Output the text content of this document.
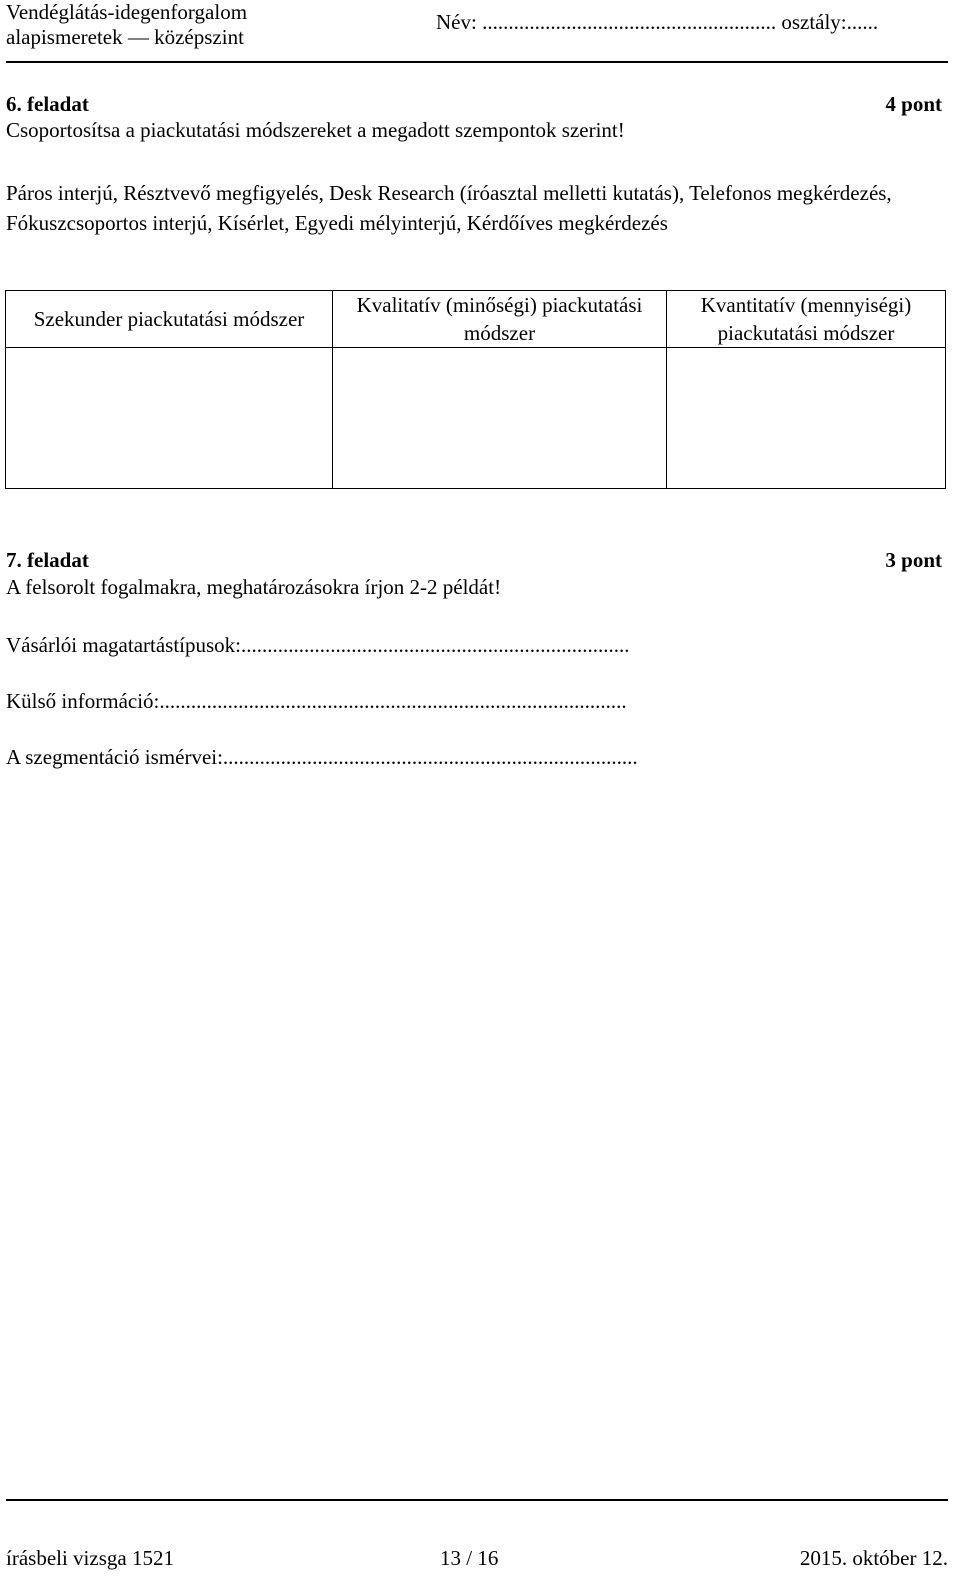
Vendéglátás-idegenforgalom
alapismeretek — középszint
Név: ........................................................ osztály:......
6. feladat	4 pont
Csoportosítsa a piackutatási módszereket a megadott szempontok szerint!
Páros interjú, Résztvevő megfigyelés, Desk Research (íróasztal melletti kutatás), Telefonos megkérdezés, Fókuszcsoportos interjú, Kísérlet, Egyedi mélyinterjú, Kérdőíves megkérdezés
Szekunder piackutatási módszer	Kvalitatív (minőségi) piackutatási módszer	Kvantitatív (mennyiségi) piackutatási módszer

7. feladat	3 pont
A felsorolt fogalmakra, meghatározásokra írjon 2-2 példát!
Vásárlói magatartástípusok:..........................................................................
Külső információ:.........................................................................................
A szegmentáció ismérvei:...............................................................................
írásbeli vizsga 1521	13 / 16	2015. október 12.
